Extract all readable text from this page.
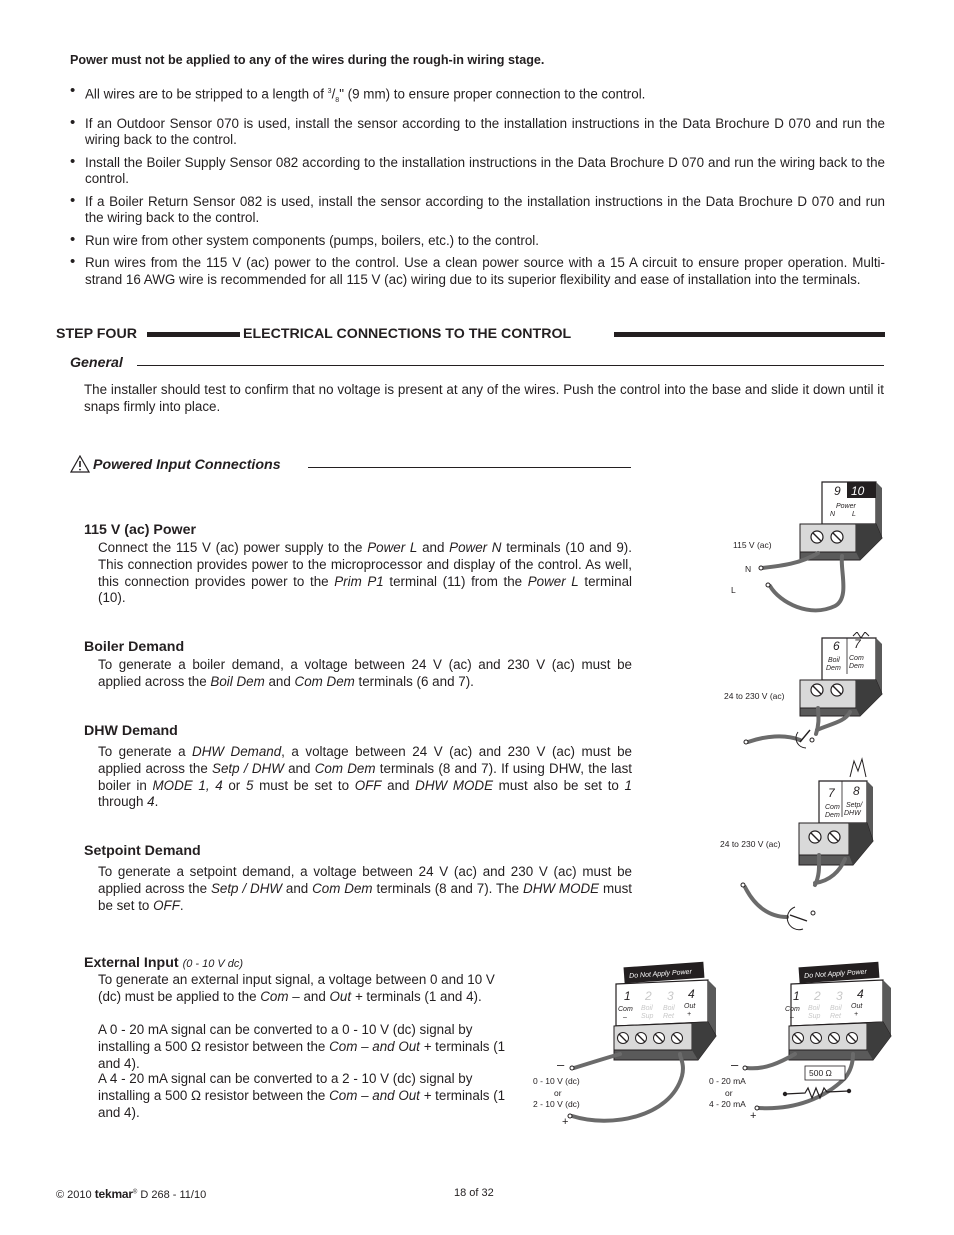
Power must not be applied to any of the wires during the rough-in wiring stage.

• All wires are to be stripped to a length of $^3/_8$" (9 mm) to ensure proper connection to the control.
• If an Outdoor Sensor 070 is used, install the sensor according to the installation instructions in the Data Brochure D 070 and run the wiring back to the control.
• Install the Boiler Supply Sensor 082 according to the installation instructions in the Data Brochure D 070 and run the wiring back to the control.
• If a Boiler Return Sensor 082 is used, install the sensor according to the installation instructions in the Data Brochure D 070 and run the wiring back to the control.
• Run wire from other system components (pumps, boilers, etc.) to the control.
• Run wires from the 115 V (ac) power to the control. Use a clean power source with a 15 A circuit to ensure proper operation. Multi-strand 16 AWG wire is recommended for all 115 V (ac) wiring due to its superior flexibility and ease of installation into the terminals.
STEP FOUR	ELECTRICAL CONNECTIONS TO THE CONTROL
General

The installer should test to confirm that no voltage is present at any of the wires. Push the control into the base and slide it down until it snaps firmly into place.

Powered Input Connections
115 V (ac) Power

Connect the 115 V (ac) power supply to the Power L and Power N terminals (10 and 9). This connection provides power to the microprocessor and display of the control. As well, this connection provides power to the Prim P1 terminal (11) from the Power L terminal (10).

Boiler Demand

To generate a boiler demand, a voltage between 24 V (ac) and 230 V (ac) must be applied across the Boil Dem and Com Dem terminals (6 and 7).

DHW Demand

To generate a DHW Demand, a voltage between 24 V (ac) and 230 V (ac) must be applied across the Setp / DHW and Com Dem terminals (8 and 7). If using DHW, the last boiler in MODE 1, 4 or 5 must be set to OFF and DHW MODE must also be set to 1 through 4.

Setpoint Demand

To generate a setpoint demand, a voltage between 24 V (ac) and 230 V (ac) must be applied across the Setp / DHW and Com Dem terminals (8 and 7). The DHW MODE must be set to OFF.

External Input (0 - 10 V dc)

To generate an external input signal, a voltage between 0 and 10 V (dc) must be applied to the Com – and Out + terminals (1 and 4).

A 0 - 20 mA signal can be converted to a 0 - 10 V (dc) signal by installing a 500 Ω resistor between the Com – and Out + terminals (1 and 4).

A 4 - 20 mA signal can be converted to a 2 - 10 V (dc) signal by installing a 500 Ω resistor between the Com – and Out + terminals (1 and 4).

9 10
Power
N L
115 V (ac)
N
L
6 7
Boil
Dem
Com
Dem
24 to 230 V (ac)
7 8
Com
Dem
Setp/
DHW
24 to 230 V (ac)
Do Not Apply Power
1 2 3 4
Com
–
Boil
Sup
Boil
Ret
Out
+
–
+
0 - 10 V (dc)
or
2 - 10 V (dc)
Do Not Apply Power
1 2 3 4
Com
–
Boil
Sup
Boil
Ret
Out
+
500 Ω
–
+
0 - 20 mA
or
4 - 20 mA
© 2010 tekmar® D 268 - 11/10	18 of 32
